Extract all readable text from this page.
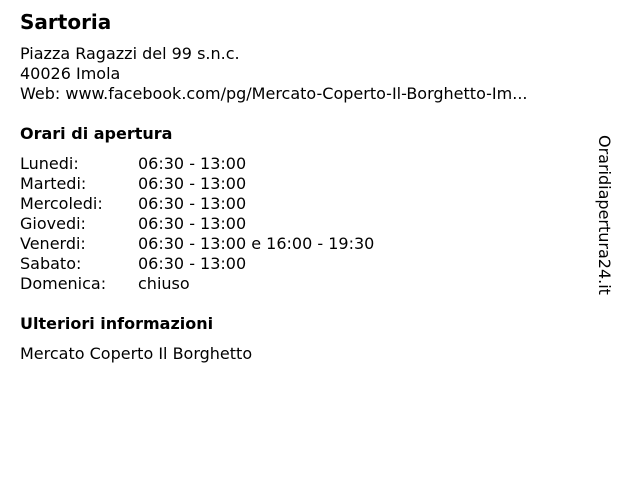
Sartoria
Piazza Ragazzi del 99 s.n.c.
40026 Imola
Web: www.facebook.com/pg/Mercato-Coperto-Il-Borghetto-Im...
Orari di apertura
Lunedi:	06:30 - 13:00
Martedi:	06:30 - 13:00
Mercoledi: 06:30 - 13:00
Giovedi:	06:30 - 13:00
Venerdi:	06:30 - 13:00 e 16:00 - 19:30
Sabato:	06:30 - 13:00
Domenica: chiuso
Ulteriori informazioni
Mercato Coperto Il Borghetto
Oraridiapertura24.it
